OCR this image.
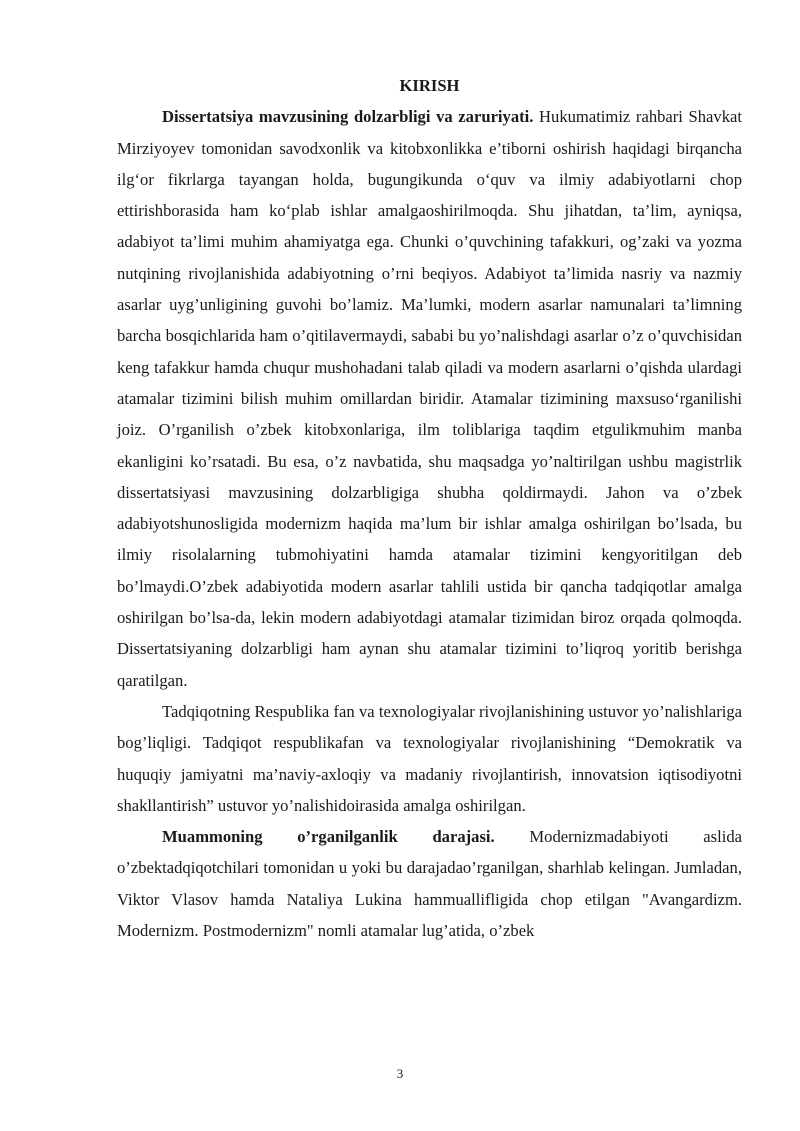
KIRISH

Dissertatsiya mavzusining dolzarbligi va zaruriyati. Hukumatimiz rahbari Shavkat Mirziyoyev tomonidan savodxonlik va kitobxonlikka e’tiborni oshirish haqidagi birqancha ilg‘or fikrlarga tayangan holda, bugungikunda o‘quv va ilmiy adabiyotlarni chop ettirishborasida ham ko‘plab ishlar amalgaoshirilmoqda. Shu jihatdan, ta’lim, ayniqsa, adabiyot ta’limi muhim ahamiyatga ega. Chunki o’quvchining tafakkuri, og’zaki va yozma nutqining rivojlanishida adabiyotning o’rni beqiyos. Adabiyot ta’limida nasriy va nazmiy asarlar uyg’unligining guvohi bo’lamiz. Ma’lumki, modern asarlar namunalari ta’limning barcha bosqichlarida ham o’qitilavermaydi, sababi bu yo’nalishdagi asarlar o’z o’quvchisidan keng tafakkur hamda chuqur mushohadani talab qiladi va modern asarlarni o’qishda ulardagi atamalar tizimini bilish muhim omillardan biridir. Atamalar tizimining maxsuso‘rganilishi joiz. O’rganilish o’zbek kitobxonlariga, ilm toliblariga taqdim etgulikmuhim manba ekanligini ko’rsatadi. Bu esa, o’z navbatida, shu maqsadga yo’naltirilgan ushbu magistrlik dissertatsiyasi mavzusining dolzarbligiga shubha qoldirmaydi. Jahon va o’zbek adabiyotshunosligida modernizm haqida ma’lum bir ishlar amalga oshirilgan bo’lsada, bu ilmiy risolalarning tubmohiyatini hamda atamalar tizimini kengyoritilgan deb bo’lmaydi.O’zbek adabiyotida modern asarlar tahlili ustida bir qancha tadqiqotlar amalga oshirilgan bo’lsa-da, lekin modern adabiyotdagi atamalar tizimidan biroz orqada qolmoqda. Dissertatsiyaning dolzarbligi ham aynan shu atamalar tizimini to’liqroq yoritib berishga qaratilgan.

Tadqiqotning Respublika fan va texnologiyalar rivojlanishining ustuvor yo’nalishlariga bog’liqligi. Tadqiqot respublikafan va texnologiyalar rivojlanishining “Demokratik va huquqiy jamiyatni ma’naviy-axloqiy va madaniy rivojlantirish, innovatsion iqtisodiyotni shakllantirish” ustuvor yo’nalishidoirasida amalga oshirilgan.

Muammoning o’rganilganlik darajasi. Modernizmadabiyoti aslida o’zbektadqiqotchilari tomonidan u yoki bu darajadao’rganilgan, sharhlab kelingan. Jumladan, Viktor Vlasov hamda Nataliya Lukina hammuallifligida chop etilgan "Avangardizm. Modernizm. Postmodernizm" nomli atamalar lug’atida, o’zbek

3
